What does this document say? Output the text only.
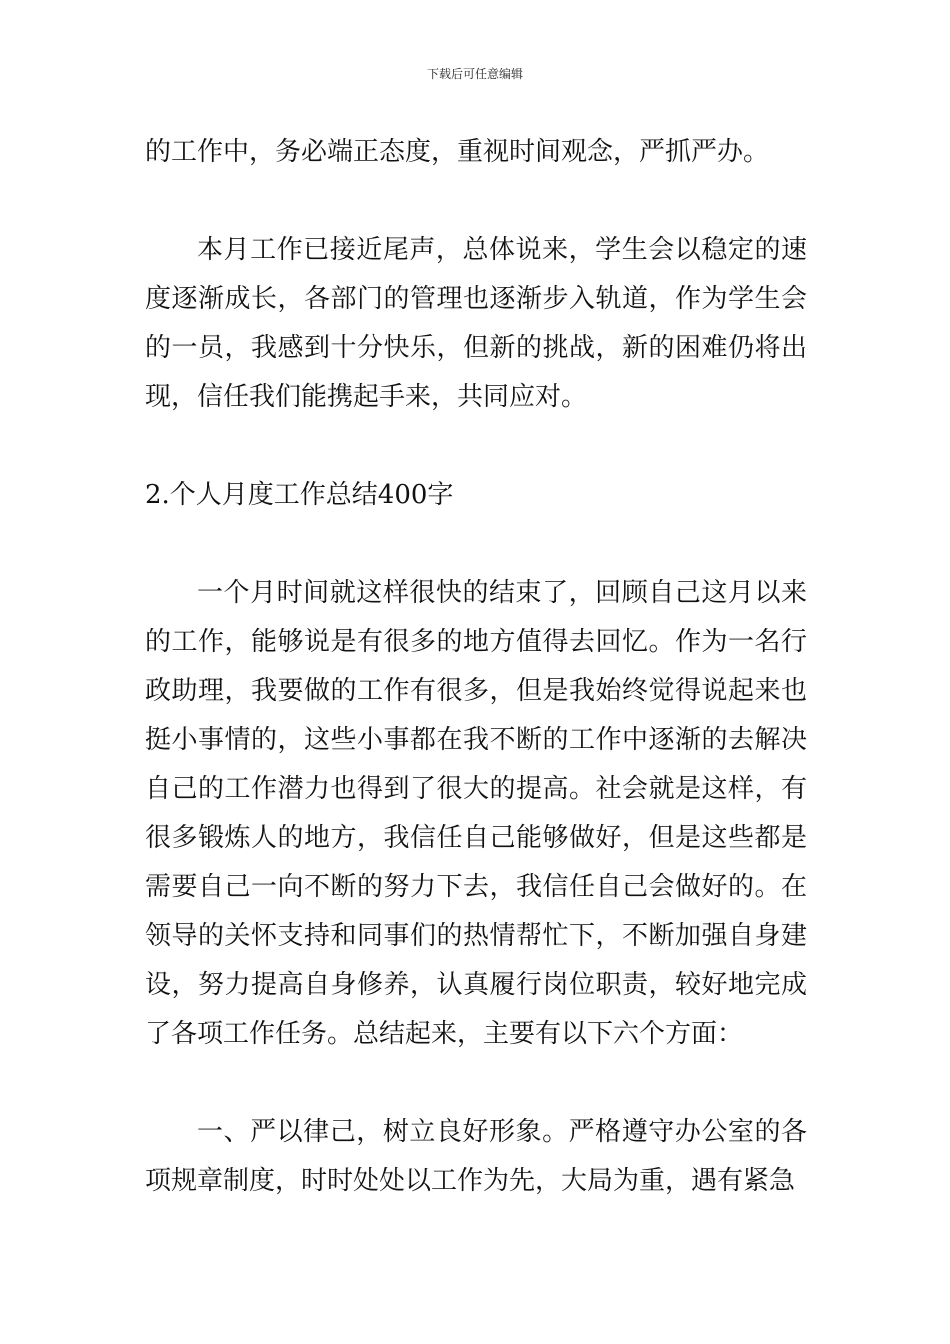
下载后可任意编辑

的工作中，务必端正态度，重视时间观念，严抓严办。

本月工作已接近尾声，总体说来，学生会以稳定的速度逐渐成长，各部门的管理也逐渐步入轨道，作为学生会的一员，我感到十分快乐，但新的挑战，新的困难仍将出现，信任我们能携起手来，共同应对。

2.个人月度工作总结400字

一个月时间就这样很快的结束了，回顾自己这月以来的工作，能够说是有很多的地方值得去回忆。作为一名行政助理，我要做的工作有很多，但是我始终觉得说起来也挺小事情的，这些小事都在我不断的工作中逐渐的去解决自己的工作潜力也得到了很大的提高。社会就是这样，有很多锻炼人的地方，我信任自己能够做好，但是这些都是需要自己一向不断的努力下去，我信任自己会做好的。在领导的关怀支持和同事们的热情帮忙下，不断加强自身建设，努力提高自身修养，认真履行岗位职责，较好地完成了各项工作任务。总结起来，主要有以下六个方面：

一、严以律己，树立良好形象。严格遵守办公室的各项规章制度，时时处处以工作为先，大局为重，遇有紧急
